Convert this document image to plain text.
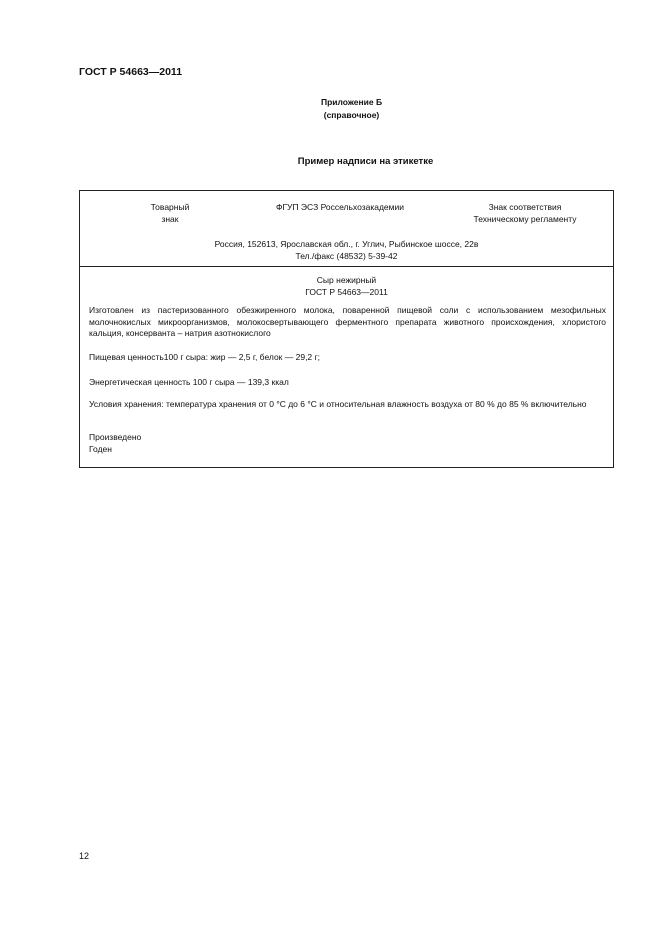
ГОСТ Р 54663—2011
Приложение Б
(справочное)
Пример надписи на этикетке
Товарный
знак
ФГУП ЭСЗ Россельхозакадемии	Знак соответствия
Техническому регламенту
Россия, 152613, Ярославская обл., г. Углич, Рыбинское шоссе, 22в
Тел./факс (48532) 5-39-42
Сыр нежирный
ГОСТ Р 54663—2011
Изготовлен из пастеризованного обезжиренного молока, поваренной пищевой соли с использованием мезофильных молочнокислых микроорганизмов, молокосвертывающего ферментного препарата животного происхождения, хлористого кальция, консерванта – натрия азотнокислого
Пищевая ценность100 г сыра: жир — 2,5 г, белок — 29,2 г;
Энергетическая ценность 100 г сыра — 139,3 ккал
Условия хранения: температура хранения от 0 °С до 6 °С и относительная влажность воздуха от 80 % до 85 % включительно
Произведено
Годен
12
